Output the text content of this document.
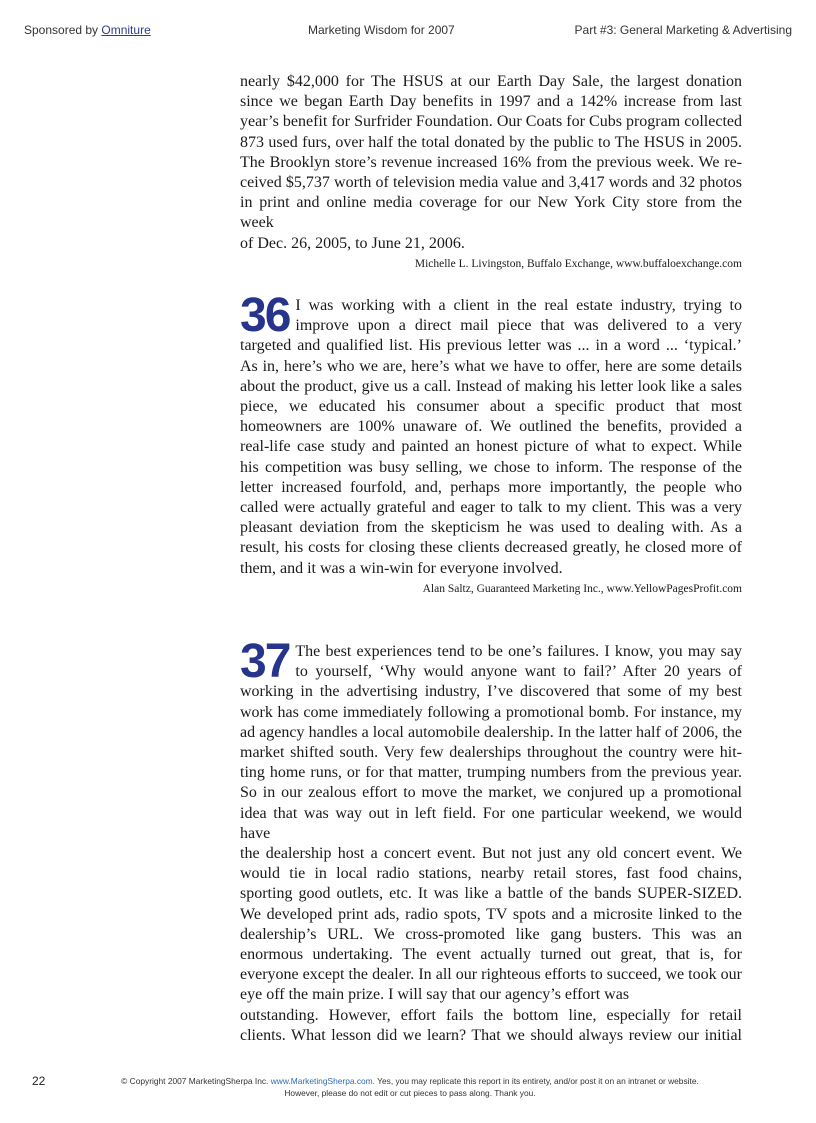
Sponsored by Omniture	Marketing Wisdom for 2007	Part #3: General Marketing & Advertising

nearly $42,000 for The HSUS at our Earth Day Sale, the largest donation
since we began Earth Day benefits in 1997 and a 142% increase from last
year’s benefit for Surfrider Foundation. Our Coats for Cubs program collected
873 used furs, over half the total donated by the public to The HSUS in 2005.
The Brooklyn store’s revenue increased 16% from the previous week. We re-
ceived $5,737 worth of television media value and 3,417 words and 32 photos
in print and online media coverage for our New York City store from the week
of Dec. 26, 2005, to June 21, 2006.

Michelle L. Livingston, Buffalo Exchange, www.buffaloexchange.com
36 I was working with a client in the real estate industry, trying to
improve upon a direct mail piece that was delivered to a very
targeted and qualified list. His previous letter was ... in a word ... ‘typical.’
As in, here’s who we are, here’s what we have to offer, here are some details
about the product, give us a call. Instead of making his letter look like a sales
piece, we educated his consumer about a specific product that most
homeowners are 100% unaware of. We outlined the benefits, provided a
real-life case study and painted an honest picture of what to expect. While
his competition was busy selling, we chose to inform. The response of the
letter increased fourfold, and, perhaps more importantly, the people who
called were actually grateful and eager to talk to my client. This was a very
pleasant deviation from the skepticism he was used to dealing with. As a
result, his costs for closing these clients decreased greatly, he closed more of
them, and it was a win-win for everyone involved.

Alan Saltz, Guaranteed Marketing Inc., www.YellowPagesProfit.com
37 The best experiences tend to be one’s failures. I know, you may say
to yourself, ‘Why would anyone want to fail?’ After 20 years of
working in the advertising industry, I’ve discovered that some of my best
work has come immediately following a promotional bomb. For instance, my
ad agency handles a local automobile dealership. In the latter half of 2006, the
market shifted south. Very few dealerships throughout the country were hit-
ting home runs, or for that matter, trumping numbers from the previous year.
So in our zealous effort to move the market, we conjured up a promotional
idea that was way out in left field. For one particular weekend, we would have
the dealership host a concert event. But not just any old concert event. We
would tie in local radio stations, nearby retail stores, fast food chains,
sporting good outlets, etc. It was like a battle of the bands SUPER-SIZED.
We developed print ads, radio spots, TV spots and a microsite linked to the
dealership’s URL. We cross-promoted like gang busters. This was an
enormous undertaking. The event actually turned out great, that is, for
everyone except the dealer. In all our righteous efforts to succeed, we took our
eye off the main prize. I will say that our agency’s effort was
outstanding. However, effort fails the bottom line, especially for retail
clients. What lesson did we learn? That we should always review our initial

22	© Copyright 2007 MarketingSherpa Inc. www.MarketingSherpa.com. Yes, you may replicate this report in its entirety, and/or post it on an intranet or website.
However, please do not edit or cut pieces to pass along. Thank you.
